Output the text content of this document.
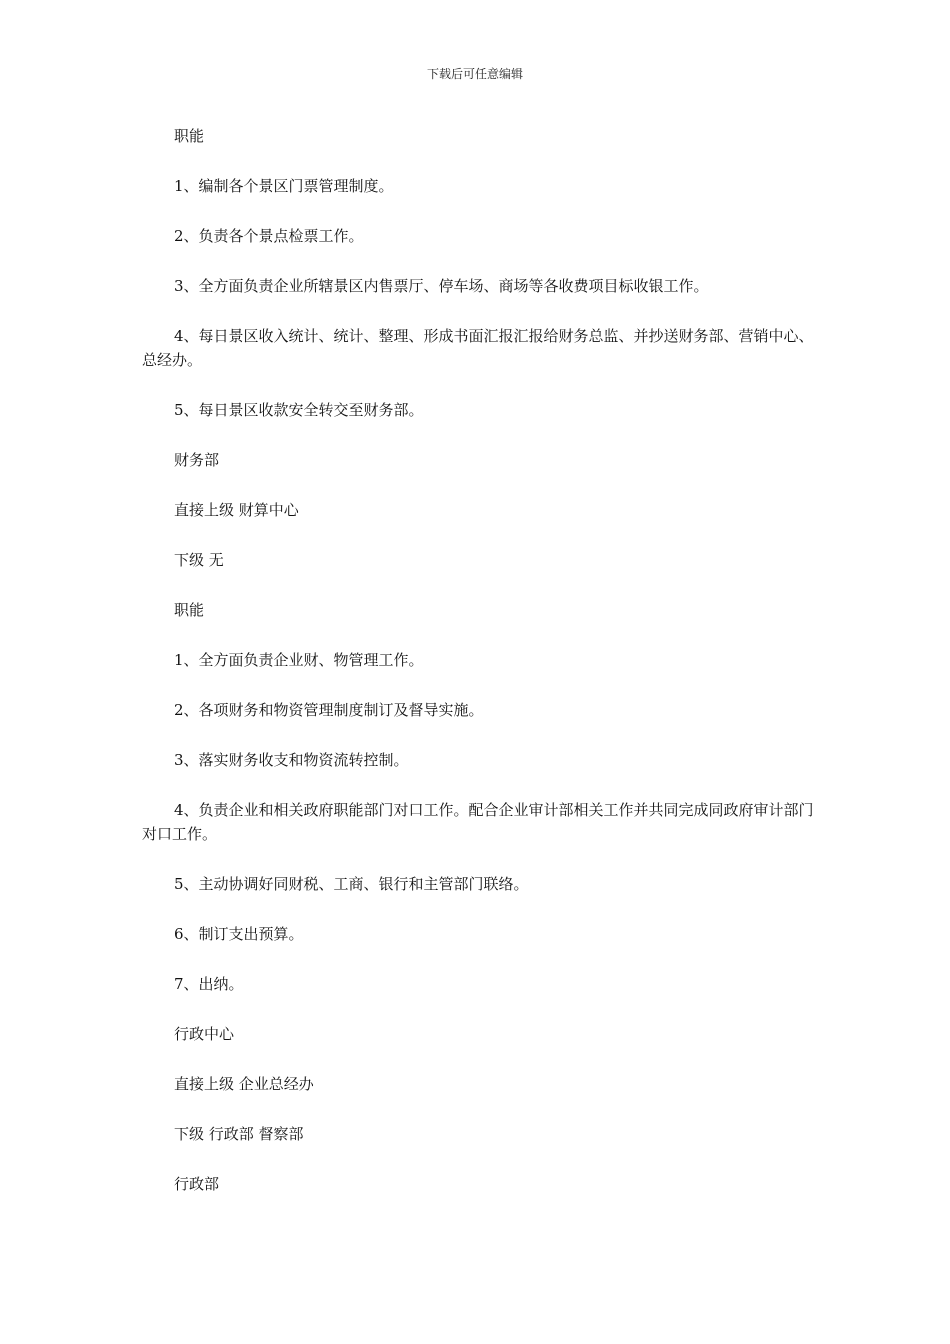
下载后可任意编辑

职能

1、编制各个景区门票管理制度。

2、负责各个景点检票工作。

3、全方面负责企业所辖景区内售票厅、停车场、商场等各收费项目标收银工作。

4、每日景区收入统计、统计、整理、形成书面汇报汇报给财务总监、并抄送财务部、营销中心、总经办。

5、每日景区收款安全转交至财务部。

财务部

直接上级 财算中心

下级 无

职能

1、全方面负责企业财、物管理工作。

2、各项财务和物资管理制度制订及督导实施。

3、落实财务收支和物资流转控制。

4、负责企业和相关政府职能部门对口工作。配合企业审计部相关工作并共同完成同政府审计部门对口工作。

5、主动协调好同财税、工商、银行和主管部门联络。

6、制订支出预算。

7、出纳。

行政中心

直接上级 企业总经办

下级 行政部 督察部

行政部
